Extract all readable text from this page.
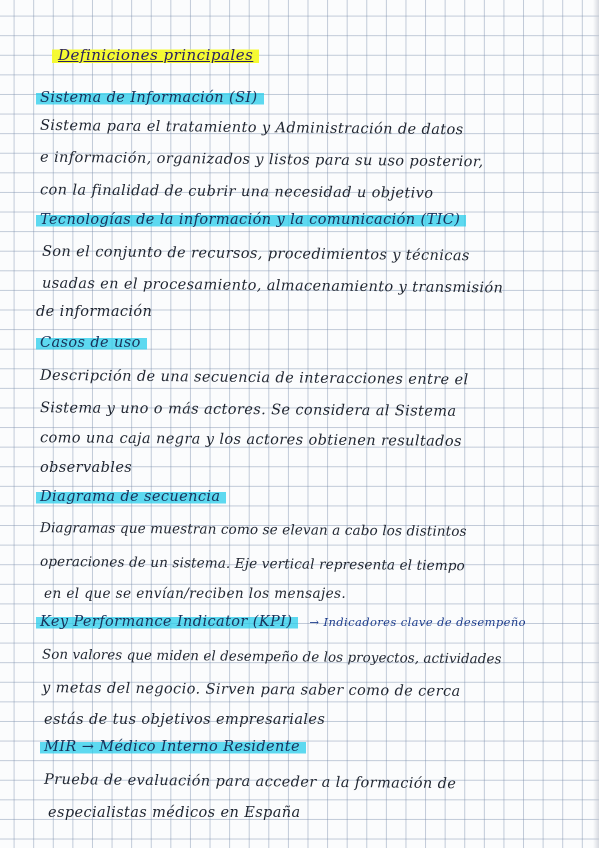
Definiciones principales
Sistema de Información (SI)
Sistema para el tratamiento y Administración de datos
e información, organizados y listos para su uso posterior,
con la finalidad de cubrir una necesidad u objetivo
Tecnologías de la información y la comunicación (TIC)
Son el conjunto de recursos, procedimientos y técnicas
usadas en el procesamiento, almacenamiento y transmisión
de información
Casos de uso
Descripción de una secuencia de interacciones entre el
Sistema y uno o más actores. Se considera al Sistema
como una caja negra y los actores obtienen resultados
observables
Diagrama de secuencia
Diagramas que muestran como se elevan a cabo los distintos
operaciones de un sistema. Eje vertical representa el tiempo
en el que se envían/reciben los mensajes.
Key Performance Indicator (KPI) → Indicadores clave de desempeño
Son valores que miden el desempeño de los proyectos, actividades
y metas del negocio. Sirven para saber como de cerca
estás de tus objetivos empresariales
MIR → Médico Interno Residente
Prueba de evaluación para acceder a la formación de
especialistas médicos en España
